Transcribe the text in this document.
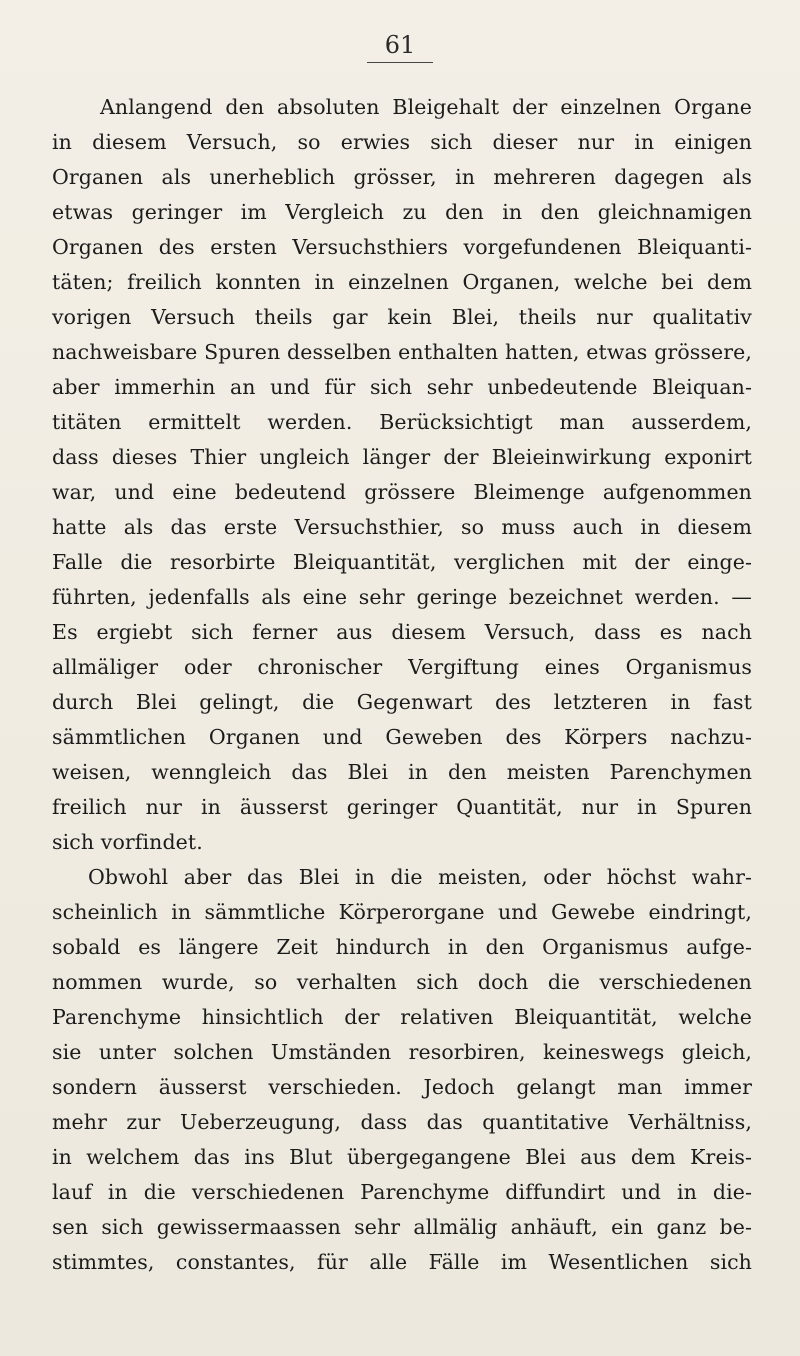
61
Anlangend den absoluten Bleigehalt der einzelnen Organe
in diesem Versuch, so erwies sich dieser nur in einigen
Organen als unerheblich grösser, in mehreren dagegen als
etwas geringer im Vergleich zu den in den gleichnamigen
Organen des ersten Versuchsthiers vorgefundenen Bleiquanti-
täten; freilich konnten in einzelnen Organen, welche bei dem
vorigen Versuch theils gar kein Blei, theils nur qualitativ
nachweisbare Spuren desselben enthalten hatten, etwas grössere,
aber immerhin an und für sich sehr unbedeutende Bleiquan-
titäten ermittelt werden. Berücksichtigt man ausserdem,
dass dieses Thier ungleich länger der Bleieinwirkung exponirt
war, und eine bedeutend grössere Bleimenge aufgenommen
hatte als das erste Versuchsthier, so muss auch in diesem
Falle die resorbirte Bleiquantität, verglichen mit der einge-
führten, jedenfalls als eine sehr geringe bezeichnet werden. —
Es ergiebt sich ferner aus diesem Versuch, dass es nach
allmäliger oder chronischer Vergiftung eines Organismus
durch Blei gelingt, die Gegenwart des letzteren in fast
sämmtlichen Organen und Geweben des Körpers nachzu-
weisen, wenngleich das Blei in den meisten Parenchymen
freilich nur in äusserst geringer Quantität, nur in Spuren
sich vorfindet.
Obwohl aber das Blei in die meisten, oder höchst wahr-
scheinlich in sämmtliche Körperorgane und Gewebe eindringt,
sobald es längere Zeit hindurch in den Organismus aufge-
nommen wurde, so verhalten sich doch die verschiedenen
Parenchyme hinsichtlich der relativen Bleiquantität, welche
sie unter solchen Umständen resorbiren, keineswegs gleich,
sondern äusserst verschieden. Jedoch gelangt man immer
mehr zur Ueberzeugung, dass das quantitative Verhältniss,
in welchem das ins Blut übergegangene Blei aus dem Kreis-
lauf in die verschiedenen Parenchyme diffundirt und in die-
sen sich gewissermaassen sehr allmälig anhäuft, ein ganz be-
stimmtes, constantes, für alle Fälle im Wesentlichen sich
